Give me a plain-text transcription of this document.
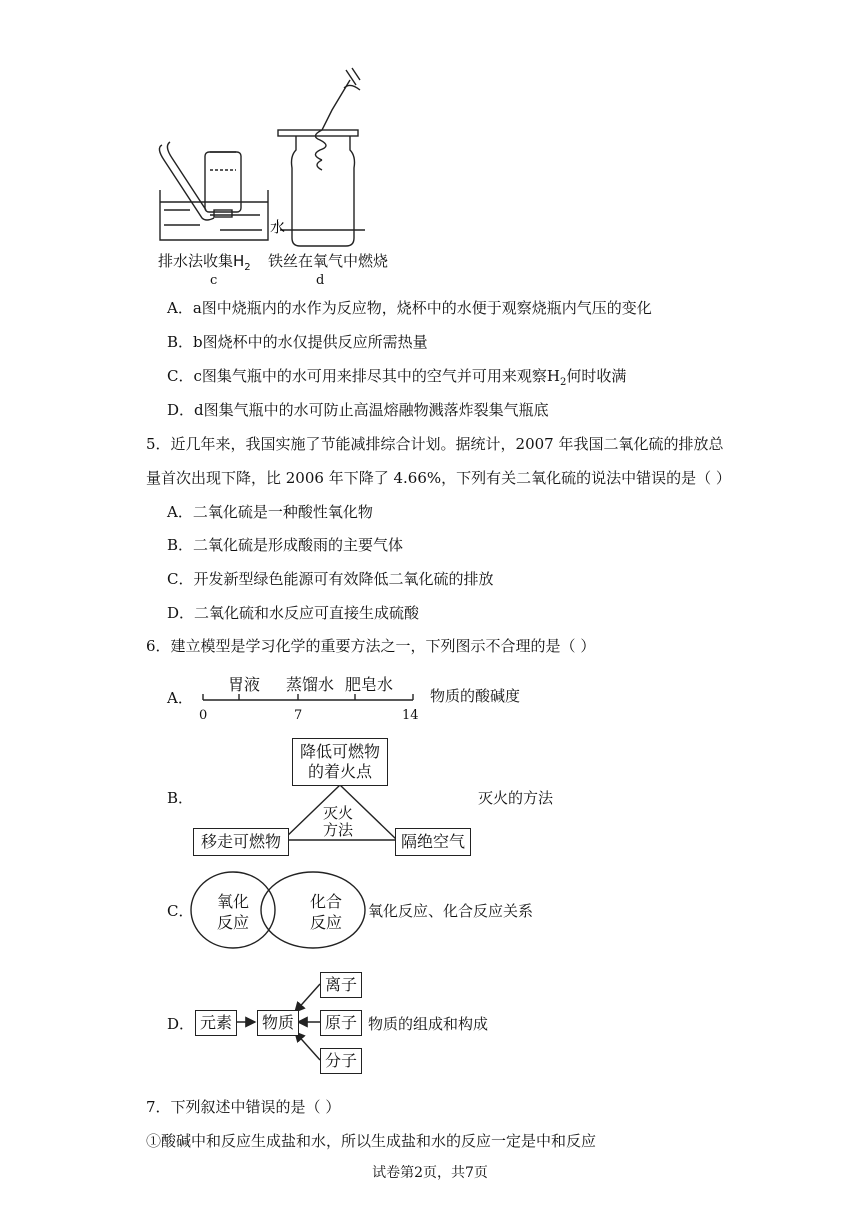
水
排水法收集$H_2$ 铁丝在氧气中燃烧
c	d
A．a图中烧瓶内的水作为反应物，烧杯中的水便于观察烧瓶内气压的变化
B．b图烧杯中的水仅提供反应所需热量
C．c图集气瓶中的水可用来排尽其中的空气并可用来观察$H_2$何时收满
D．d图集气瓶中的水可防止高温熔融物溅落炸裂集气瓶底
5．近几年来，我国实施了节能减排综合计划。据统计，2007 年我国二氧化硫的排放总
量首次出现下降，比 2006 年下降了 4.66%，下列有关二氧化硫的说法中错误的是（ ）
A．二氧化硫是一种酸性氧化物
B．二氧化硫是形成酸雨的主要气体
C．开发新型绿色能源可有效降低二氧化硫的排放
D．二氧化硫和水反应可直接生成硫酸
6．建立模型是学习化学的重要方法之一，下列图示不合理的是（ ）
A．
胃液 蒸馏水 肥皂水
0	7	14
物质的酸碱度
B．
降低可燃物
的着火点
灭火
方法
移走可燃物	隔绝空气
灭火的方法
C． 氧化
反应
化合
反应
氧化反应、化合反应关系
D． 元素	物质
离子
原子
分子
物质的组成和构成
7．下列叙述中错误的是（ ）
①酸碱中和反应生成盐和水，所以生成盐和水的反应一定是中和反应
试卷第2页，共7页
